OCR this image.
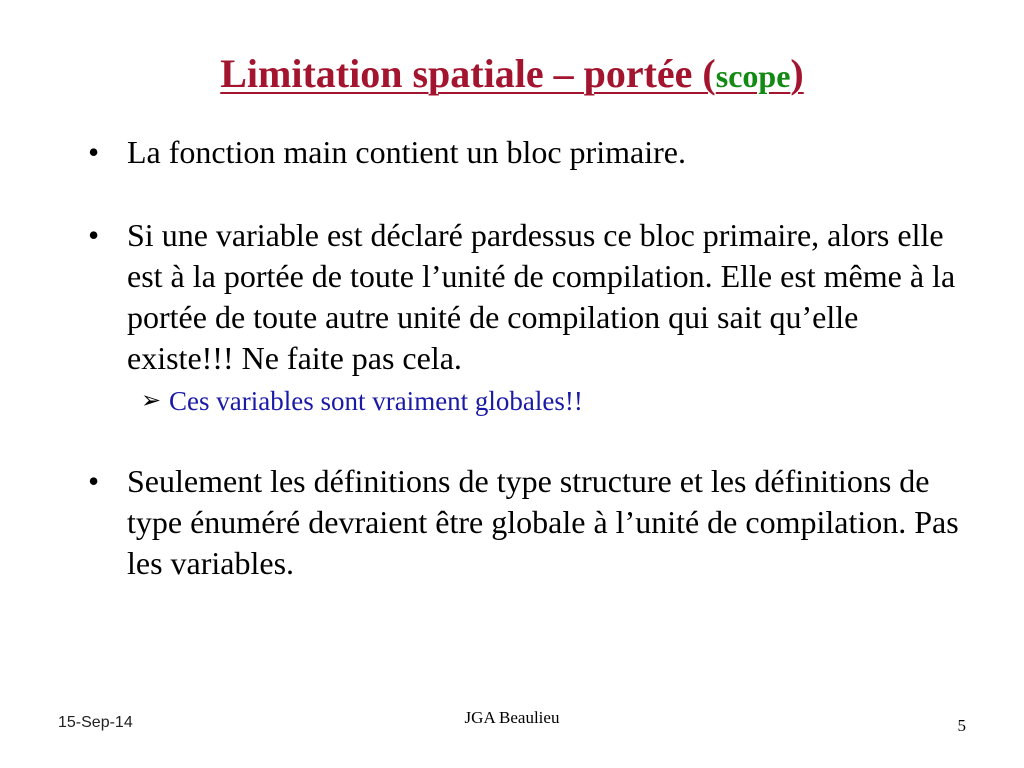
Limitation spatiale – portée (scope)
• La fonction main contient un bloc primaire.
• Si une variable est déclaré pardessus ce bloc primaire, alors elle est à la portée de toute l’unité de compilation. Elle est même à la portée de toute autre unité de compilation qui sait qu’elle existe!!! Ne faite pas cela.
➢ Ces variables sont vraiment globales!!
• Seulement les définitions de type structure et les définitions de type énuméré devraient être globale à l’unité de compilation. Pas les variables.
15-Sep-14	JGA Beaulieu	5
